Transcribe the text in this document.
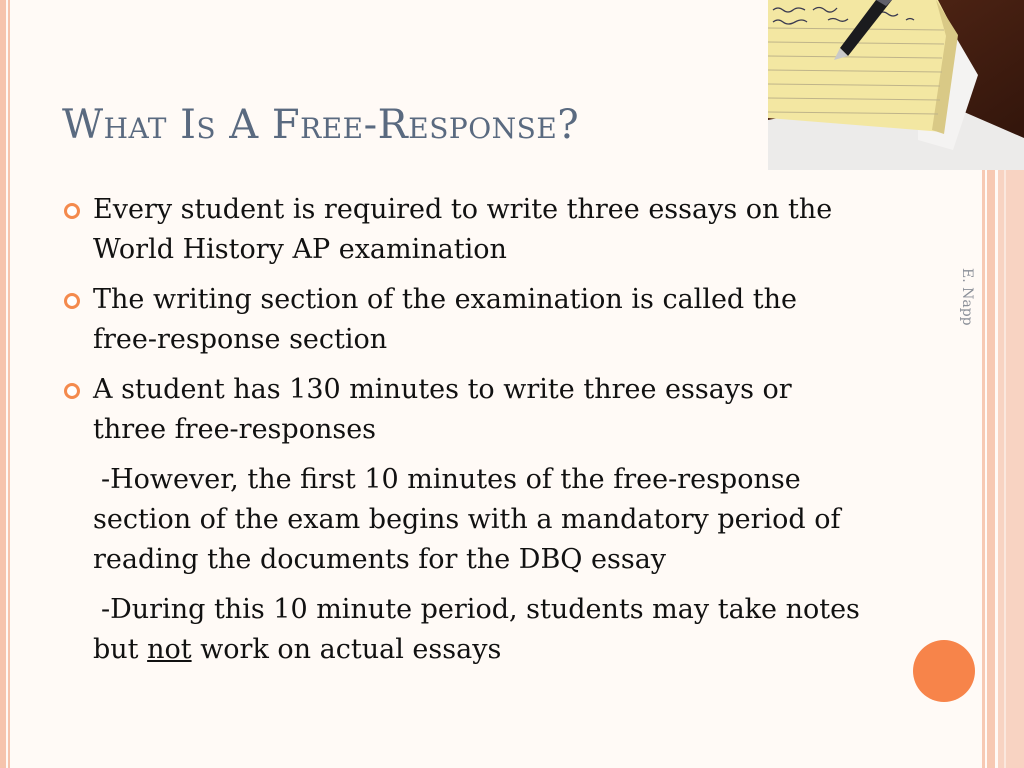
What Is A Free-Response?
E. Napp
Every student is required to write three essays on the World History AP examination
The writing section of the examination is called the free-response section
A student has 130 minutes to write three essays or three free-responses
-However, the first 10 minutes of the free-response section of the exam begins with a mandatory period of reading the documents for the DBQ essay
-During this 10 minute period, students may take notes but not work on actual essays
